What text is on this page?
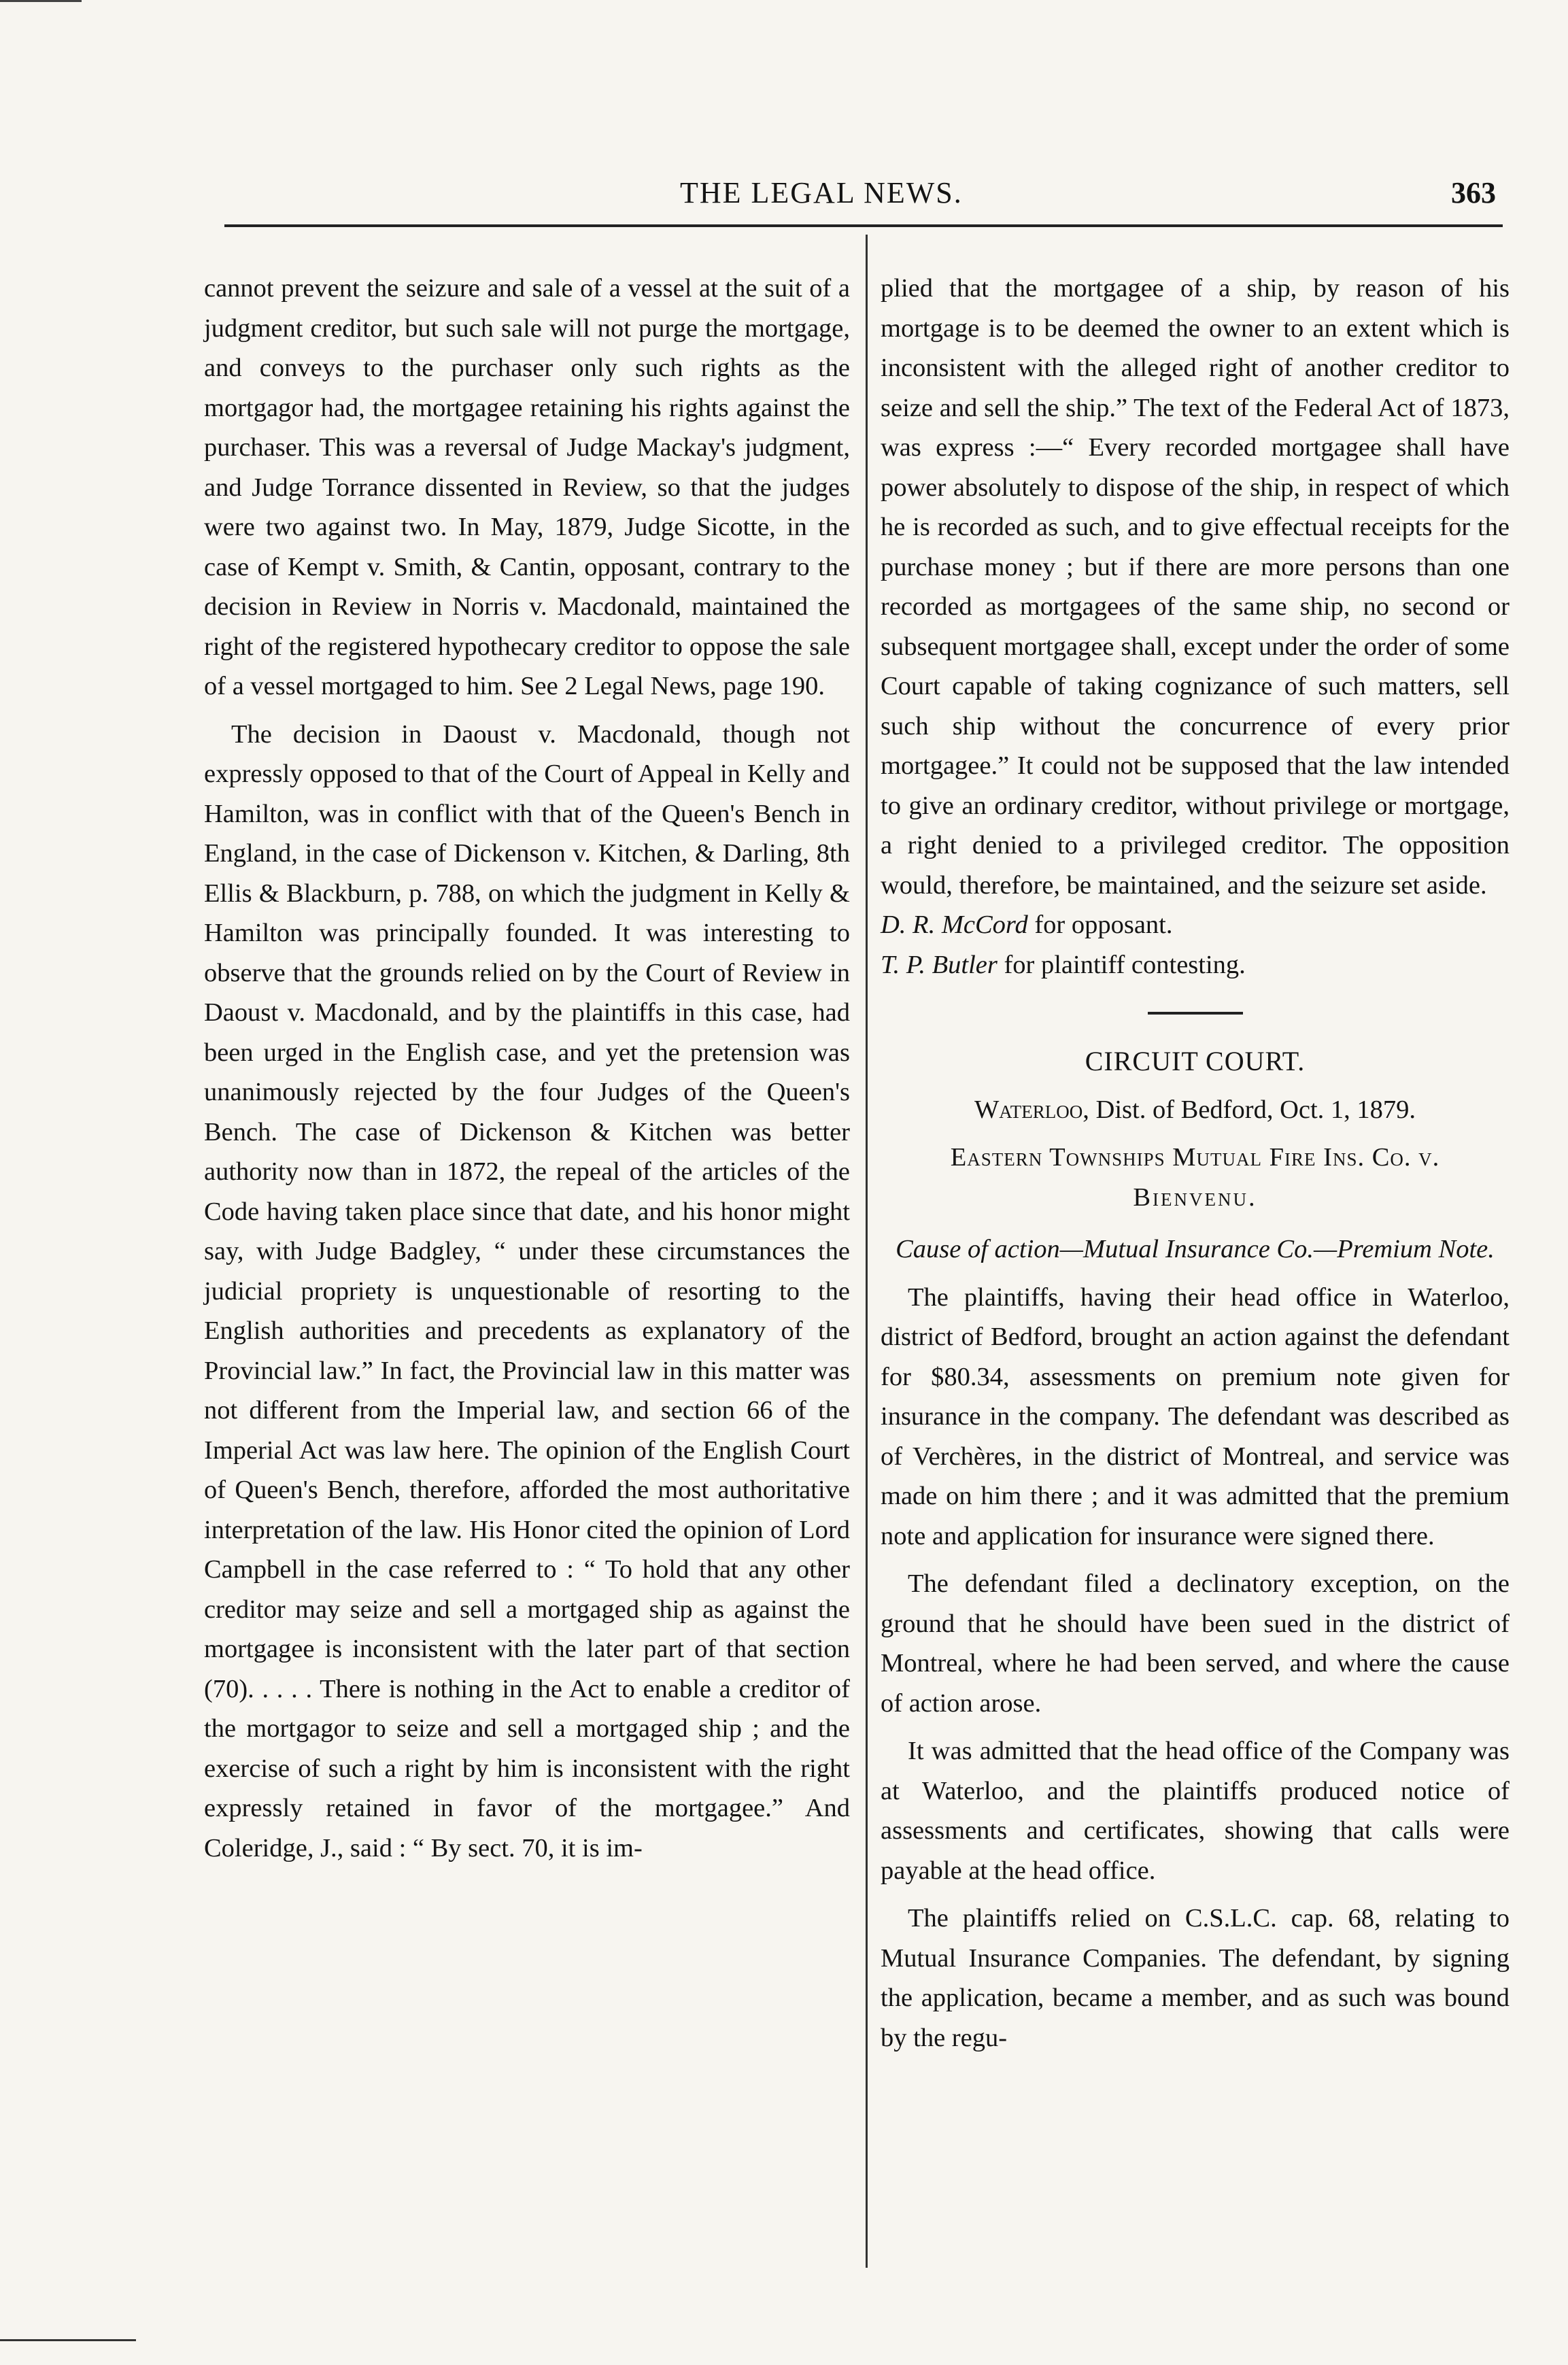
THE LEGAL NEWS.	363

cannot prevent the seizure and sale of a vessel at the suit of a judgment creditor, but such sale will not purge the mortgage, and conveys to the purchaser only such rights as the mortgagor had, the mortgagee retaining his rights against the purchaser. This was a reversal of Judge Mackay's judgment, and Judge Torrance dissented in Review, so that the judges were two against two. In May, 1879, Judge Sicotte, in the case of Kempt v. Smith, & Cantin, opposant, contrary to the decision in Review in Norris v. Macdonald, maintained the right of the registered hypothecary creditor to oppose the sale of a vessel mortgaged to him. See 2 Legal News, page 190.

The decision in Daoust v. Macdonald, though not expressly opposed to that of the Court of Appeal in Kelly and Hamilton, was in conflict with that of the Queen's Bench in England, in the case of Dickenson v. Kitchen, & Darling, 8th Ellis & Blackburn, p. 788, on which the judgment in Kelly & Hamilton was principally founded. It was interesting to observe that the grounds relied on by the Court of Review in Daoust v. Macdonald, and by the plaintiffs in this case, had been urged in the English case, and yet the pretension was unanimously rejected by the four Judges of the Queen's Bench. The case of Dickenson & Kitchen was better authority now than in 1872, the repeal of the articles of the Code having taken place since that date, and his honor might say, with Judge Badgley, “ under these circumstances the judicial propriety is unquestionable of resorting to the English authorities and precedents as explanatory of the Provincial law.” In fact, the Provincial law in this matter was not different from the Imperial law, and section 66 of the Imperial Act was law here. The opinion of the English Court of Queen's Bench, therefore, afforded the most authoritative interpretation of the law. His Honor cited the opinion of Lord Campbell in the case referred to : “ To hold that any other creditor may seize and sell a mortgaged ship as against the mortgagee is inconsistent with the later part of that section (70). . . . . There is nothing in the Act to enable a creditor of the mortgagor to seize and sell a mortgaged ship ; and the exercise of such a right by him is inconsistent with the right expressly retained in favor of the mortgagee.” And Coleridge, J., said : “ By sect. 70, it is im-

plied that the mortgagee of a ship, by reason of his mortgage is to be deemed the owner to an extent which is inconsistent with the alleged right of another creditor to seize and sell the ship.” The text of the Federal Act of 1873, was express :—“ Every recorded mortgagee shall have power absolutely to dispose of the ship, in respect of which he is recorded as such, and to give effectual receipts for the purchase money ; but if there are more persons than one recorded as mortgagees of the same ship, no second or subsequent mortgagee shall, except under the order of some Court capable of taking cognizance of such matters, sell such ship without the concurrence of every prior mortgagee.” It could not be supposed that the law intended to give an ordinary creditor, without privilege or mortgage, a right denied to a privileged creditor. The opposition would, therefore, be maintained, and the seizure set aside.

D. R. McCord for opposant.

T. P. Butler for plaintiff contesting.

CIRCUIT COURT.

Waterloo, Dist. of Bedford, Oct. 1, 1879.

Eastern Townships Mutual Fire Ins. Co. v.

Bienvenu.

Cause of action—Mutual Insurance Co.—Premium Note.

The plaintiffs, having their head office in Waterloo, district of Bedford, brought an action against the defendant for $80.34, assessments on premium note given for insurance in the company. The defendant was described as of Verchères, in the district of Montreal, and service was made on him there ; and it was admitted that the premium note and application for insurance were signed there.

The defendant filed a declinatory exception, on the ground that he should have been sued in the district of Montreal, where he had been served, and where the cause of action arose.

It was admitted that the head office of the Company was at Waterloo, and the plaintiffs produced notice of assessments and certificates, showing that calls were payable at the head office.

The plaintiffs relied on C.S.L.C. cap. 68, relating to Mutual Insurance Companies. The defendant, by signing the application, became a member, and as such was bound by the regu-
